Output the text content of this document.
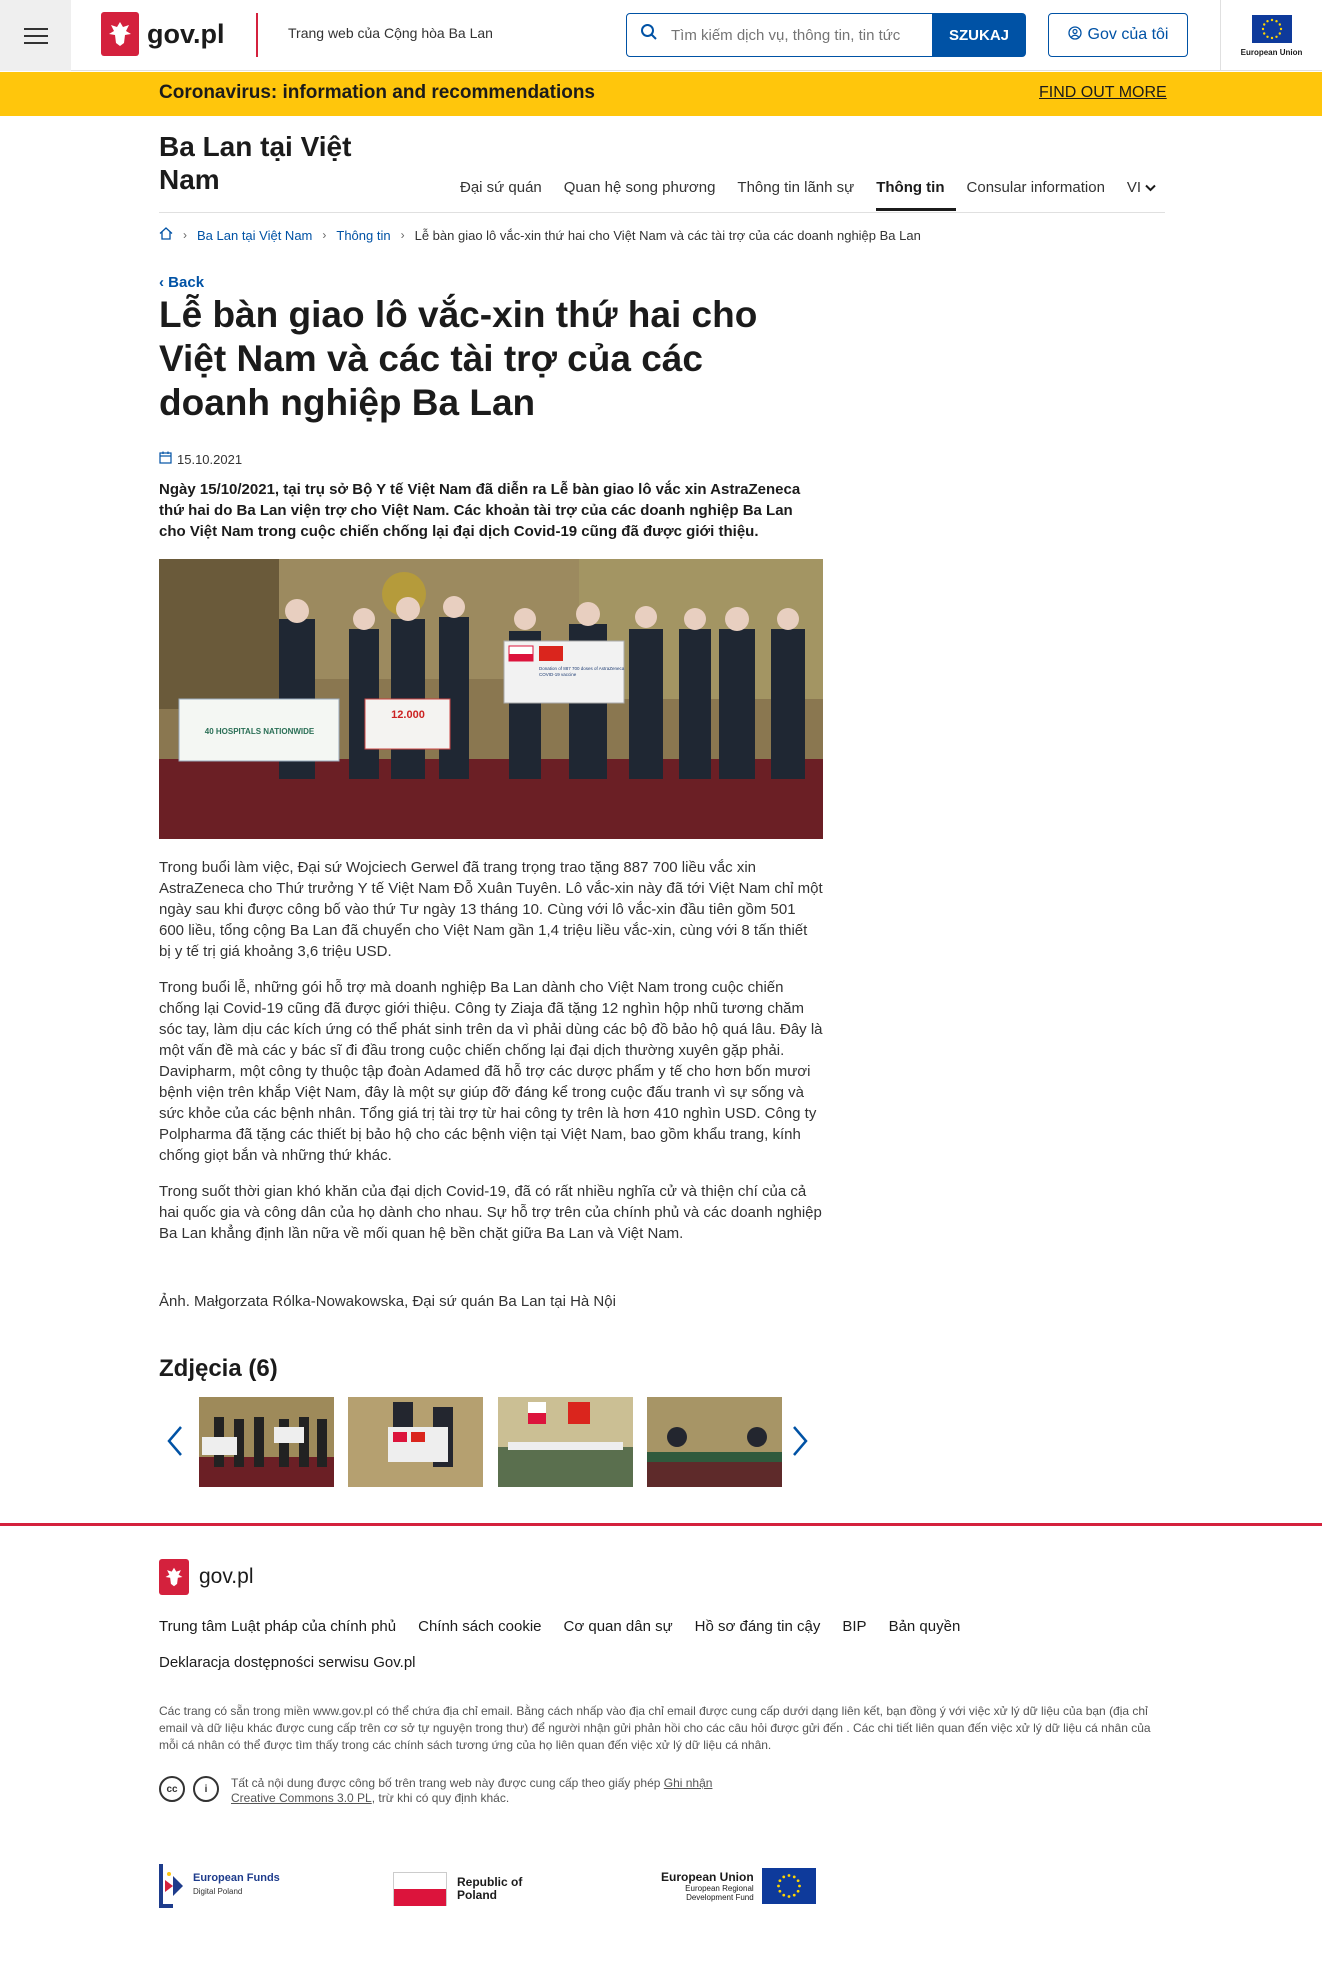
gov.pl	Trang web của Cộng hòa Ba Lan
Tìm kiếm dịch vụ, thông tin, tin tức	SZUKAJ	Gov của tôi
European Union
Coronavirus: information and recommendations	FIND OUT MORE
Ba Lan tại Việt Nam	Đại sứ quán	Quan hệ song phương	Thông tin lãnh sự	Thông tin	Consular information	VI
› Ba Lan tại Việt Nam › Thông tin › Lễ bàn giao lô vắc-xin thứ hai cho Việt Nam và các tài trợ của các doanh nghiệp Ba Lan
‹ Back
Lễ bàn giao lô vắc-xin thứ hai cho Việt Nam và các tài trợ của các doanh nghiệp Ba Lan
15.10.2021

Ngày 15/10/2021, tại trụ sở Bộ Y tế Việt Nam đã diễn ra Lễ bàn giao lô vắc xin AstraZeneca thứ hai do Ba Lan viện trợ cho Việt Nam. Các khoản tài trợ của các doanh nghiệp Ba Lan cho Việt Nam trong cuộc chiến chống lại đại dịch Covid-19 cũng đã được giới thiệu.

40 HOSPITALS NATIONWIDE
12.000
Donation of 887 700 doses of AstraZeneca COVID-19 vaccine

Trong buổi làm việc, Đại sứ Wojciech Gerwel đã trang trọng trao tặng 887 700 liều vắc xin AstraZeneca cho Thứ trưởng Y tế Việt Nam Đỗ Xuân Tuyên. Lô vắc-xin này đã tới Việt Nam chỉ một ngày sau khi được công bố vào thứ Tư ngày 13 tháng 10. Cùng với lô vắc-xin đầu tiên gồm 501 600 liều, tổng cộng Ba Lan đã chuyển cho Việt Nam gần 1,4 triệu liều vắc-xin, cùng với 8 tấn thiết bị y tế trị giá khoảng 3,6 triệu USD.

Trong buổi lễ, những gói hỗ trợ mà doanh nghiệp Ba Lan dành cho Việt Nam trong cuộc chiến chống lại Covid-19 cũng đã được giới thiệu. Công ty Ziaja đã tặng 12 nghìn hộp nhũ tương chăm sóc tay, làm dịu các kích ứng có thể phát sinh trên da vì phải dùng các bộ đồ bảo hộ quá lâu. Đây là một vấn đề mà các y bác sĩ đi đầu trong cuộc chiến chống lại đại dịch thường xuyên gặp phải. Davipharm, một công ty thuộc tập đoàn Adamed đã hỗ trợ các dược phẩm y tế cho hơn bốn mươi bệnh viện trên khắp Việt Nam, đây là một sự giúp đỡ đáng kể trong cuộc đấu tranh vì sự sống và sức khỏe của các bệnh nhân. Tổng giá trị tài trợ từ hai công ty trên là hơn 410 nghìn USD. Công ty Polpharma đã tặng các thiết bị bảo hộ cho các bệnh viện tại Việt Nam, bao gồm khẩu trang, kính chống giọt bắn và những thứ khác.

Trong suốt thời gian khó khăn của đại dịch Covid-19, đã có rất nhiều nghĩa cử và thiện chí của cả hai quốc gia và công dân của họ dành cho nhau. Sự hỗ trợ trên của chính phủ và các doanh nghiệp Ba Lan khẳng định lần nữa về mối quan hệ bền chặt giữa Ba Lan và Việt Nam.

Ảnh. Małgorzata Rólka-Nowakowska, Đại sứ quán Ba Lan tại Hà Nội
Zdjęcia (6)
gov.pl
Trung tâm Luật pháp của chính phủ Chính sách cookie Cơ quan dân sự Hồ sơ đáng tin cậy BIP Bản quyền
Deklaracja dostępności serwisu Gov.pl

Các trang có sẵn trong miền www.gov.pl có thể chứa địa chỉ email. Bằng cách nhấp vào địa chỉ email được cung cấp dưới dạng liên kết, bạn đồng ý với việc xử lý dữ liệu của bạn (địa chỉ email và dữ liệu khác được cung cấp trên cơ sở tự nguyện trong thư) để người nhận gửi phản hồi cho các câu hỏi được gửi đến . Các chi tiết liên quan đến việc xử lý dữ liệu cá nhân của mỗi cá nhân có thể được tìm thấy trong các chính sách tương ứng của họ liên quan đến việc xử lý dữ liệu cá nhân.

cc	i	Tất cả nội dung được công bố trên trang web này được cung cấp theo giấy phép Ghi nhận Creative Commons 3.0 PL, trừ khi có quy định khác.
European Funds
Digital Poland
Republic of Poland
European Union
European Regional Development Fund
